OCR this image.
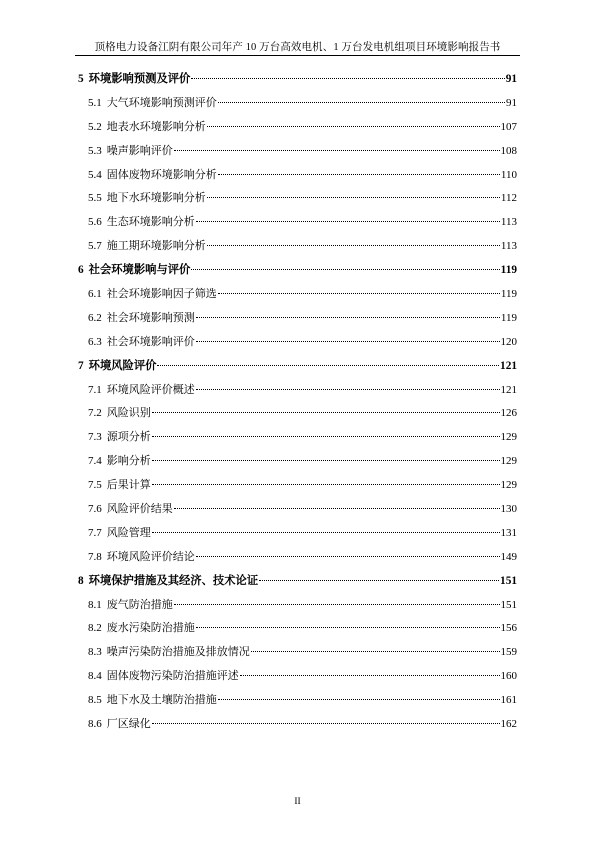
顶格电力设备江阴有限公司年产 10 万台高效电机、1 万台发电机组项目环境影响报告书
5 环境影响预测及评价	91
5.1 大气环境影响预测评价	91
5.2 地表水环境影响分析	107
5.3 噪声影响评价	108
5.4 固体废物环境影响分析	110
5.5 地下水环境影响分析	112
5.6 生态环境影响分析	113
5.7 施工期环境影响分析	113
6 社会环境影响与评价	119
6.1 社会环境影响因子筛选	119
6.2 社会环境影响预测	119
6.3 社会环境影响评价	120
7 环境风险评价	121
7.1 环境风险评价概述	121
7.2 风险识别	126
7.3 源项分析	129
7.4 影响分析	129
7.5 后果计算	129
7.6 风险评价结果	130
7.7 风险管理	131
7.8 环境风险评价结论	149
8 环境保护措施及其经济、技术论证	151
8.1 废气防治措施	151
8.2 废水污染防治措施	156
8.3 噪声污染防治措施及排放情况	159
8.4 固体废物污染防治措施评述	160
8.5 地下水及土壤防治措施	161
8.6 厂区绿化	162
II
